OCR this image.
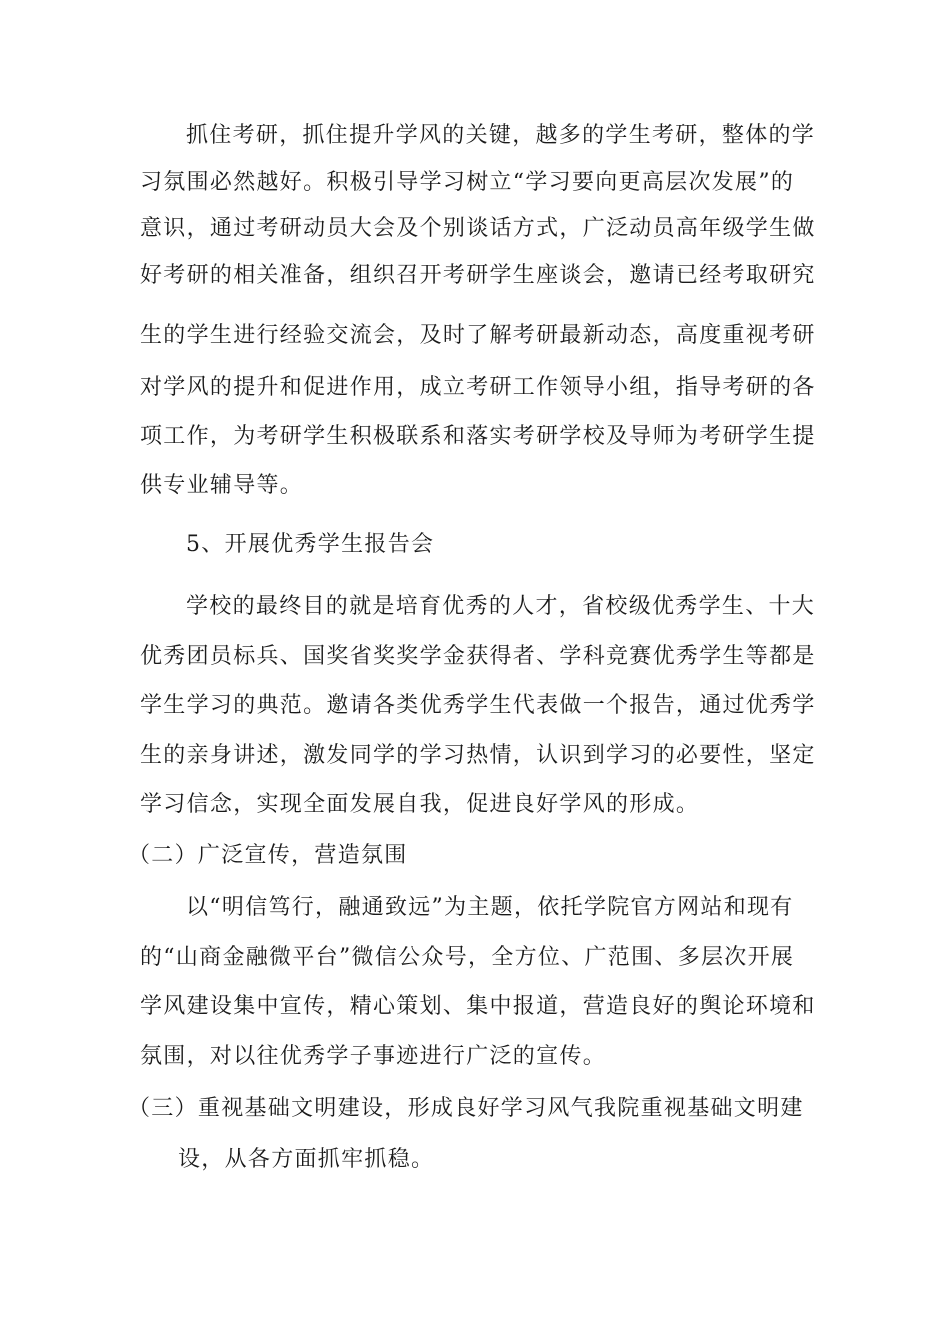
抓住考研，抓住提升学风的关键，越多的学生考研，整体的学
习氛围必然越好。积极引导学习树立“学习要向更高层次发展”的
意识，通过考研动员大会及个别谈话方式，广泛动员高年级学生做
好考研的相关准备，组织召开考研学生座谈会，邀请已经考取研究
生的学生进行经验交流会，及时了解考研最新动态，高度重视考研
对学风的提升和促进作用，成立考研工作领导小组，指导考研的各
项工作，为考研学生积极联系和落实考研学校及导师为考研学生提
供专业辅导等。
5、开展优秀学生报告会
学校的最终目的就是培育优秀的人才，省校级优秀学生、十大
优秀团员标兵、国奖省奖奖学金获得者、学科竞赛优秀学生等都是
学生学习的典范。邀请各类优秀学生代表做一个报告，通过优秀学
生的亲身讲述，激发同学的学习热情，认识到学习的必要性，坚定
学习信念，实现全面发展自我，促进良好学风的形成。
（二）广泛宣传，营造氛围
以“明信笃行，融通致远”为主题，依托学院官方网站和现有
的“山商金融微平台”微信公众号，全方位、广范围、多层次开展
学风建设集中宣传，精心策划、集中报道，营造良好的舆论环境和
氛围，对以往优秀学子事迹进行广泛的宣传。
（三）重视基础文明建设，形成良好学习风气我院重视基础文明建
设，从各方面抓牢抓稳。
